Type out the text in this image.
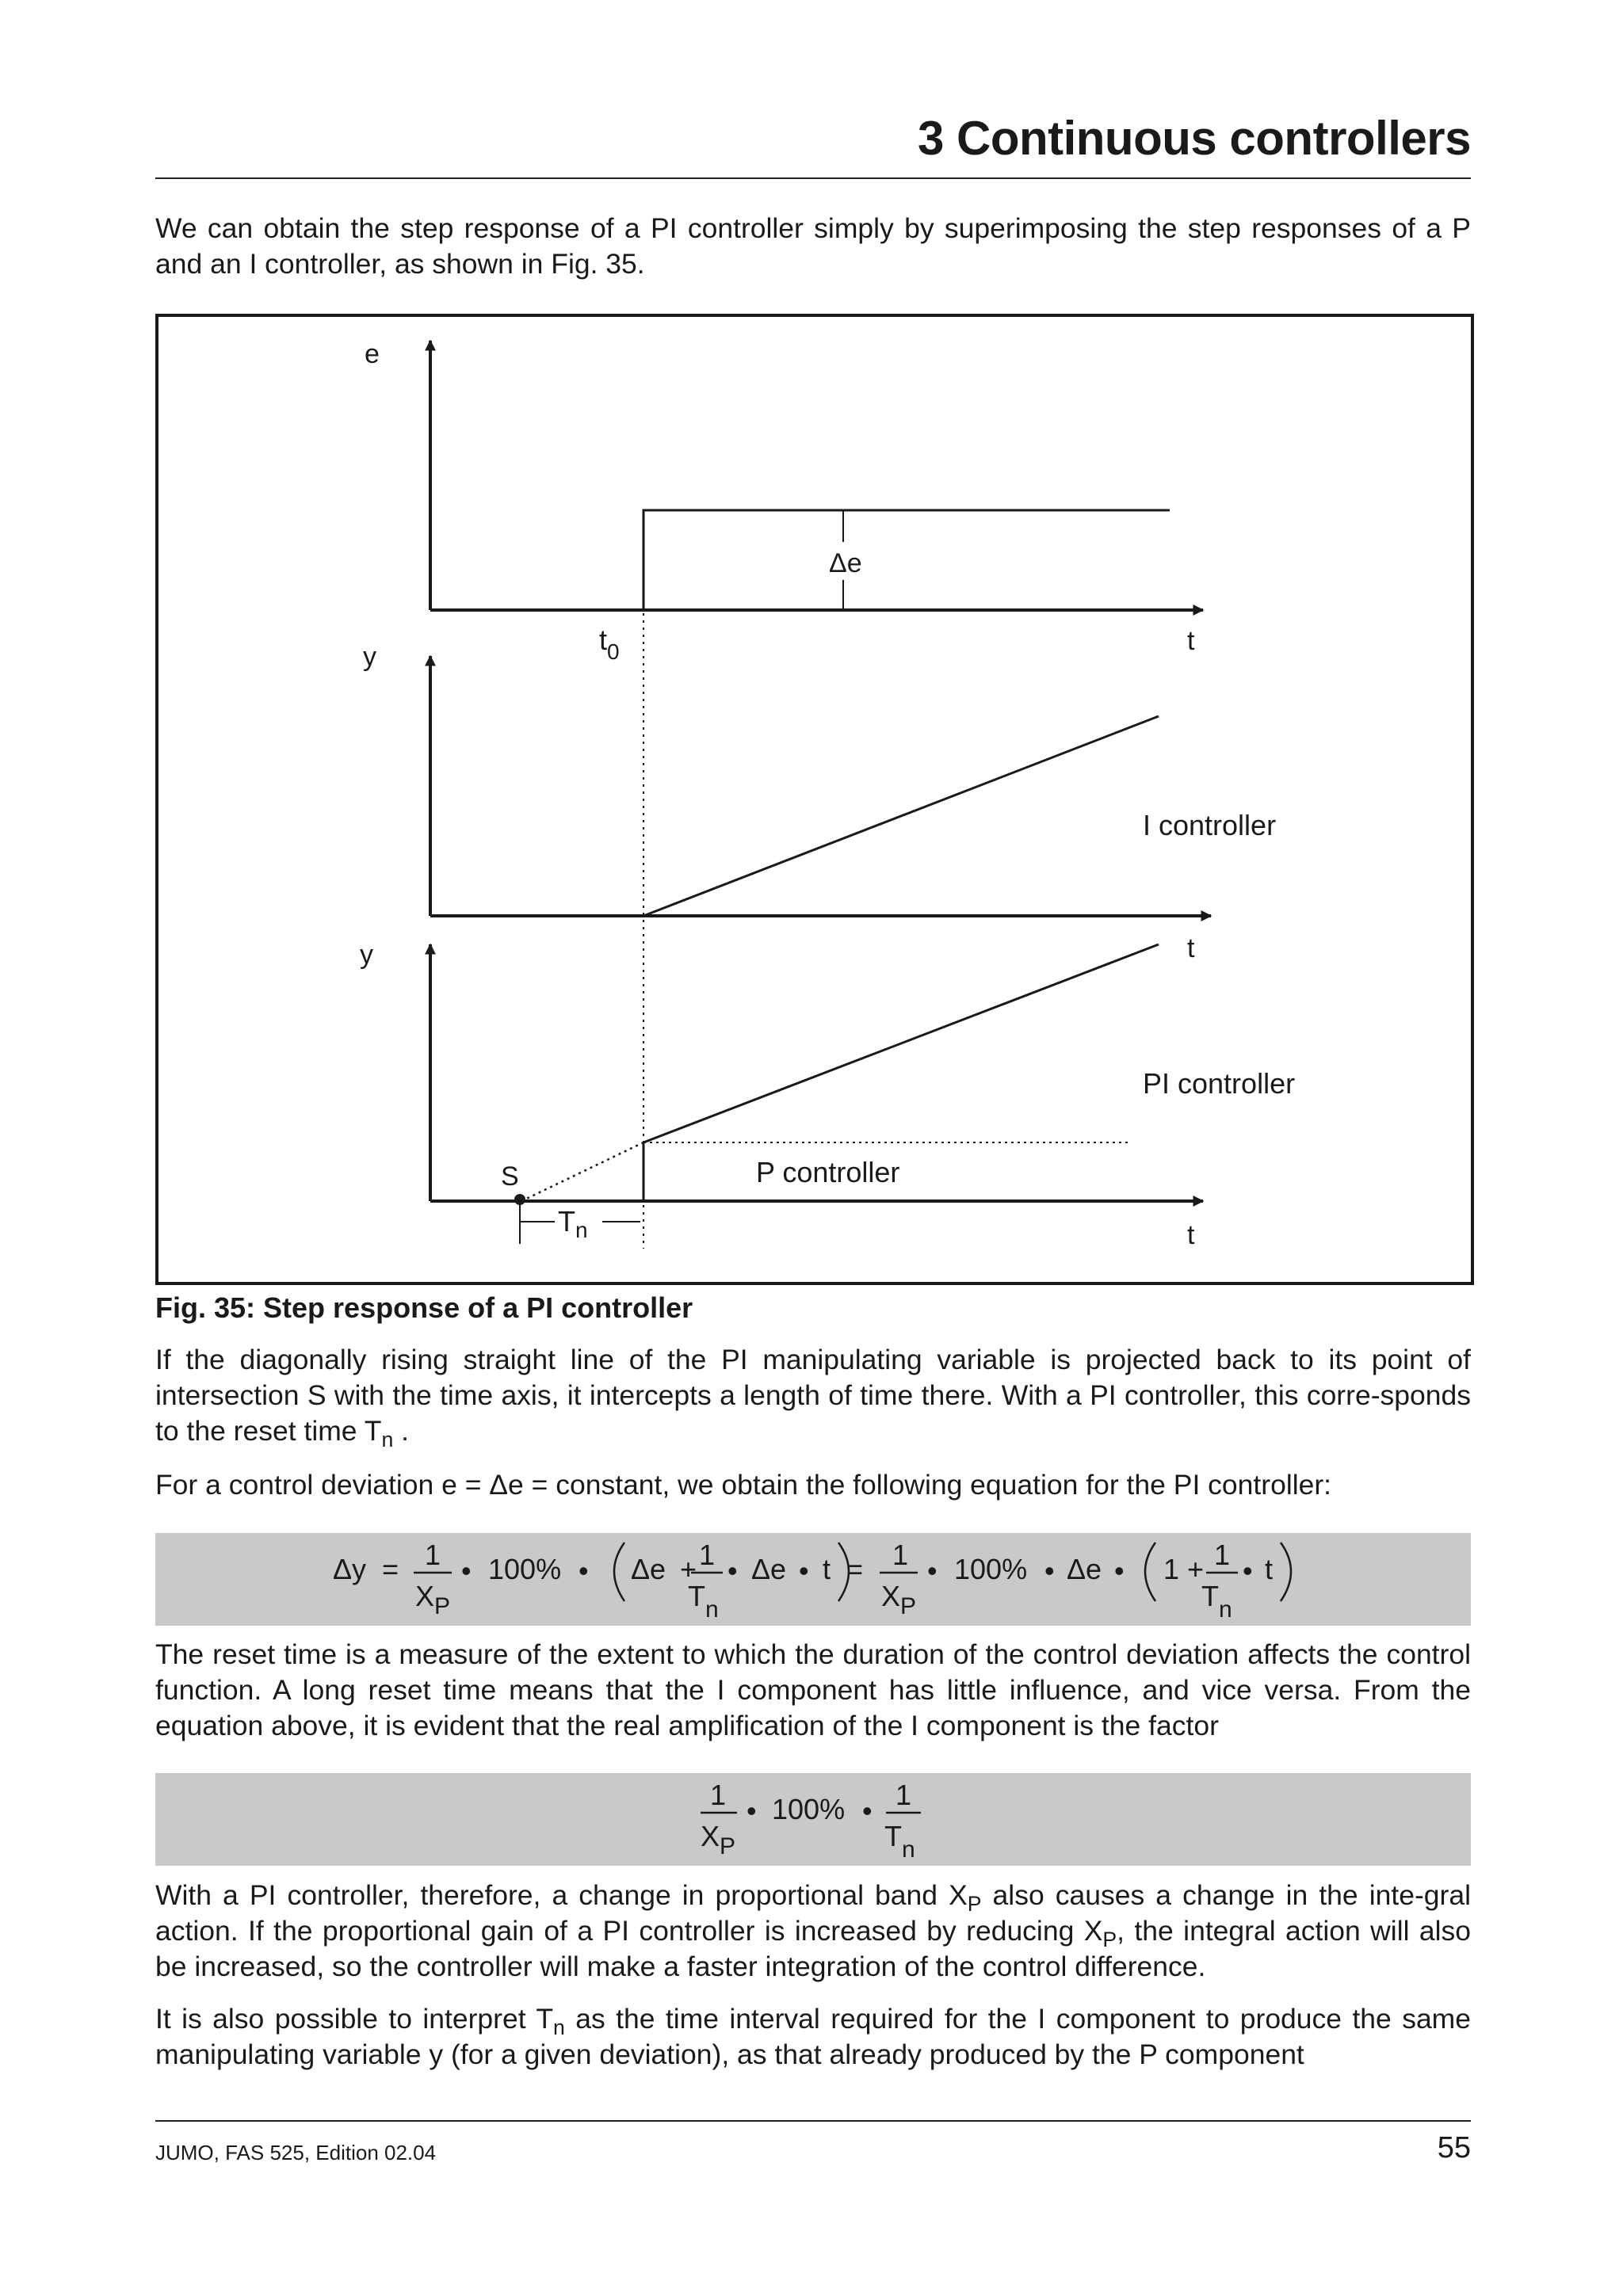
3 Continuous controllers

We can obtain the step response of a PI controller simply by superimposing the step responses of a P and an I controller, as shown in Fig. 35.

e
Δe
t
$t_0$
y
I controller
t
y
PI controller
P controller
S
$T_n$	t

Fig. 35: Step response of a PI controller

If the diagonally rising straight line of the PI manipulating variable is projected back to its point of intersection S with the time axis, it intercepts a length of time there. With a PI controller, this corre-sponds to the reset time $T_n$ .

For a control deviation e = Δe = constant, we obtain the following equation for the PI controller:

Δy = 1
$X_P$
• 100% • Δe + 1
$T_n$
• Δe • t = 1
$X_P$
• 100% • Δe • 1 + 1
$T_n$
• t

The reset time is a measure of the extent to which the duration of the control deviation affects the control function. A long reset time means that the I component has little influence, and vice versa. From the equation above, it is evident that the real amplification of the I component is the factor

1
$X_P$
• 100% • 1
$T_n$

With a PI controller, therefore, a change in proportional band $X_P$ also causes a change in the inte-gral action. If the proportional gain of a PI controller is increased by reducing $X_P$, the integral action will also be increased, so the controller will make a faster integration of the control difference.

It is also possible to interpret $T_n$ as the time interval required for the I component to produce the same manipulating variable y (for a given deviation), as that already produced by the P component

JUMO, FAS 525, Edition 02.04	55
